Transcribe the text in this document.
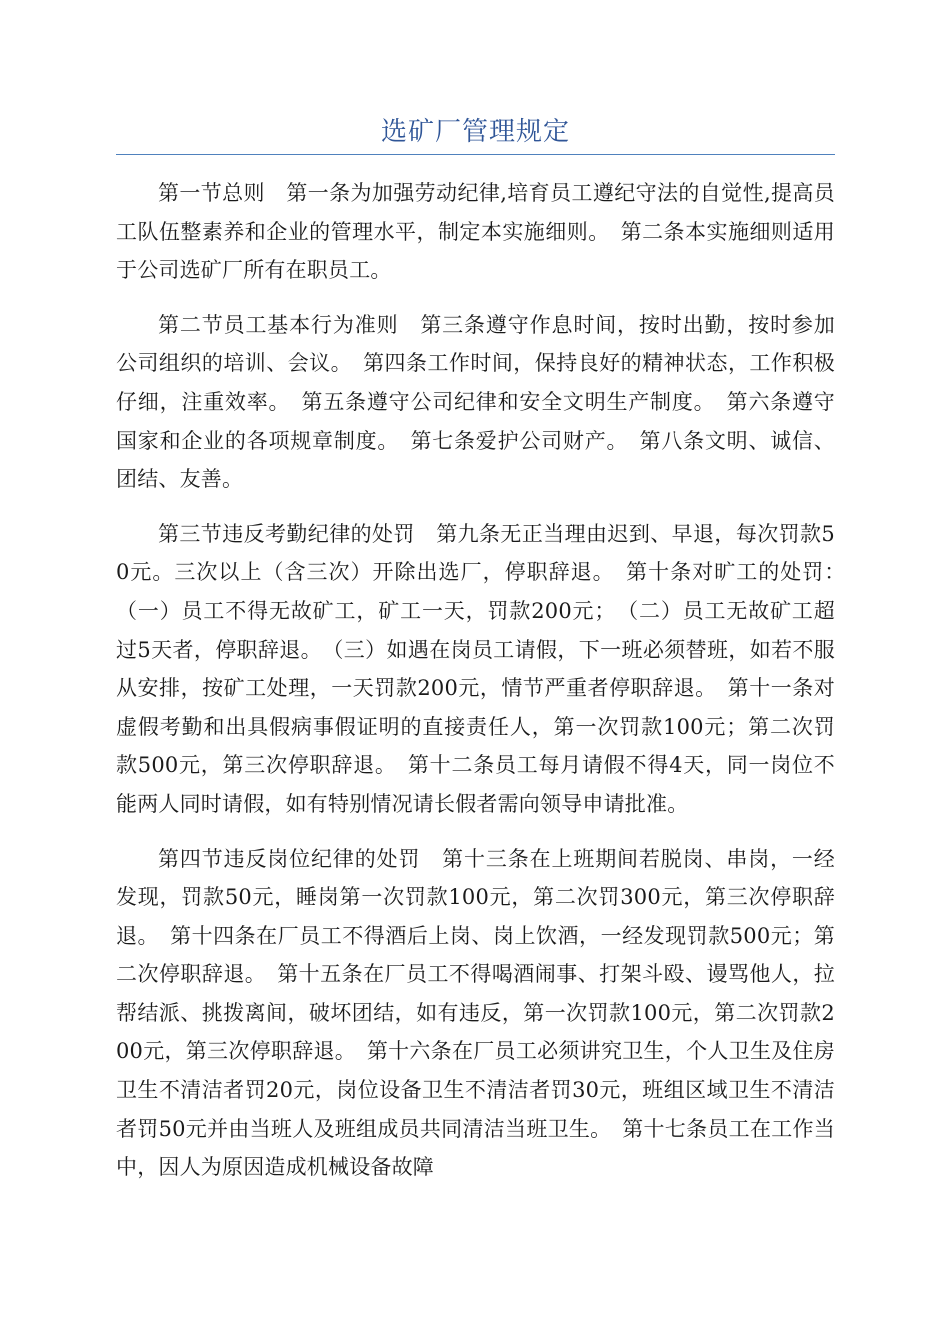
选矿厂管理规定

第一节总则　第一条为加强劳动纪律,培育员工遵纪守法的自觉性,提高员工队伍整素养和企业的管理水平，制定本实施细则。　第二条本实施细则适用于公司选矿厂所有在职员工。

第二节员工基本行为准则　第三条遵守作息时间，按时出勤，按时参加公司组织的培训、会议。　第四条工作时间，保持良好的精神状态，工作积极仔细，注重效率。　第五条遵守公司纪律和安全文明生产制度。　第六条遵守国家和企业的各项规章制度。　第七条爱护公司财产。　第八条文明、诚信、团结、友善。

第三节违反考勤纪律的处罚　第九条无正当理由迟到、早退，每次罚款50元。三次以上（含三次）开除出选厂，停职辞退。　第十条对旷工的处罚：　（一）员工不得无故矿工，矿工一天，罚款200元；　（二）员工无故矿工超过5天者，停职辞退。　（三）如遇在岗员工请假，下一班必须替班，如若不服从安排，按矿工处理，一天罚款200元，情节严重者停职辞退。　第十一条对虚假考勤和出具假病事假证明的直接责任人，第一次罚款100元；第二次罚款500元，第三次停职辞退。　第十二条员工每月请假不得4天，同一岗位不能两人同时请假，如有特别情况请长假者需向领导申请批准。

第四节违反岗位纪律的处罚　第十三条在上班期间若脱岗、串岗，一经发现，罚款50元，睡岗第一次罚款100元，第二次罚300元，第三次停职辞退。　第十四条在厂员工不得酒后上岗、岗上饮酒，一经发现罚款500元；第二次停职辞退。　第十五条在厂员工不得喝酒闹事、打架斗殴、谩骂他人，拉帮结派、挑拨离间，破坏团结，如有违反，第一次罚款100元，第二次罚款200元，第三次停职辞退。　第十六条在厂员工必须讲究卫生，个人卫生及住房卫生不清洁者罚20元，岗位设备卫生不清洁者罚30元，班组区域卫生不清洁者罚50元并由当班人及班组成员共同清洁当班卫生。　第十七条员工在工作当中，因人为原因造成机械设备故障
